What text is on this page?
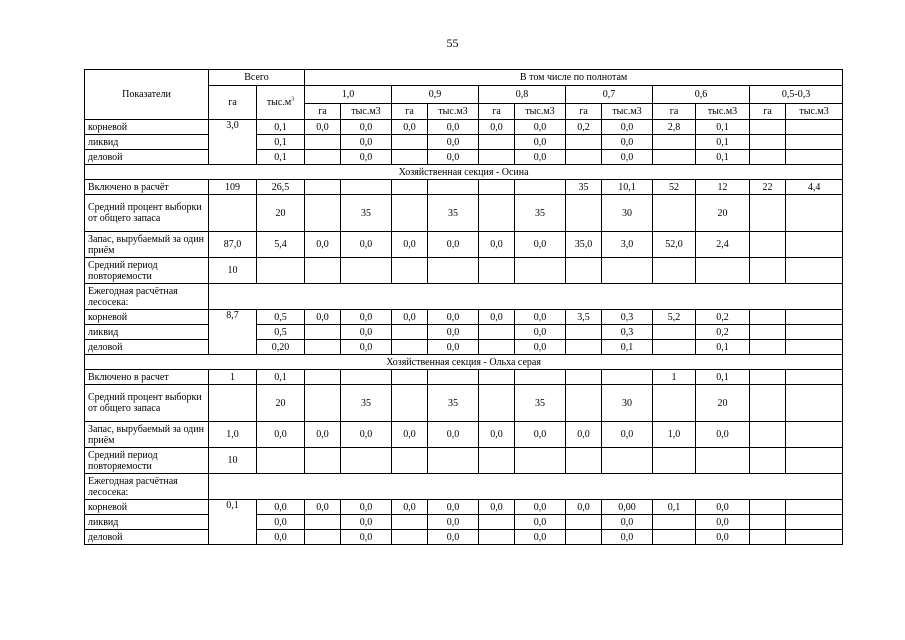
55
Показатели	Всего		В том числе по полнотам											
	га	$тыс.м^3$	1,0		0,9		0,8		0,7		0,6		0,5-0,3	
			га	тыс.м3	га	тыс.м3	га	тыс.м3	га	тыс.м3	га	тыс.м3	га	тыс.м3
корневой	3,0	0,1	0,0	0,0	0,0	0,0	0,0	0,0	0,2	0,0	2,8	0,1		
ликвид		0,1		0,0		0,0		0,0		0,0		0,1		
деловой		0,1		0,0		0,0		0,0		0,0		0,1		
Хозяйственная секция - Осина														
Включено в расчёт	109	26,5							35	10,1	52	12	22	4,4
Средний процент выборки от общего запаса		20		35		35		35		30		20		
Запас, вырубаемый за один приём	87,0	5,4	0,0	0,0	0,0	0,0	0,0	0,0	35,0	3,0	52,0	2,4		
Средний период повторяемости	10													
Ежегодная расчётная лесосека:														
корневой	8,7	0,5	0,0	0,0	0,0	0,0	0,0	0,0	3,5	0,3	5,2	0,2		
ликвид		0,5		0,0		0,0		0,0		0,3		0,2		
деловой		0,20		0,0		0,0		0,0		0,1		0,1		
Хозяйственная секция - Ольха серая														
Включено в расчет	1	0,1									1	0,1		
Средний процент выборки от общего запаса		20		35		35		35		30		20		
Запас, вырубаемый за один приём	1,0	0,0	0,0	0,0	0,0	0,0	0,0	0,0	0,0	0,0	1,0	0,0		
Средний период повторяемости	10													
Ежегодная расчётная лесосека:														
корневой	0,1	0,0	0,0	0,0	0,0	0,0	0,0	0,0	0,0	0,00	0,1	0,0		
ликвид		0,0		0,0		0,0		0,0		0,0		0,0		
деловой		0,0		0,0		0,0		0,0		0,0		0,0		
